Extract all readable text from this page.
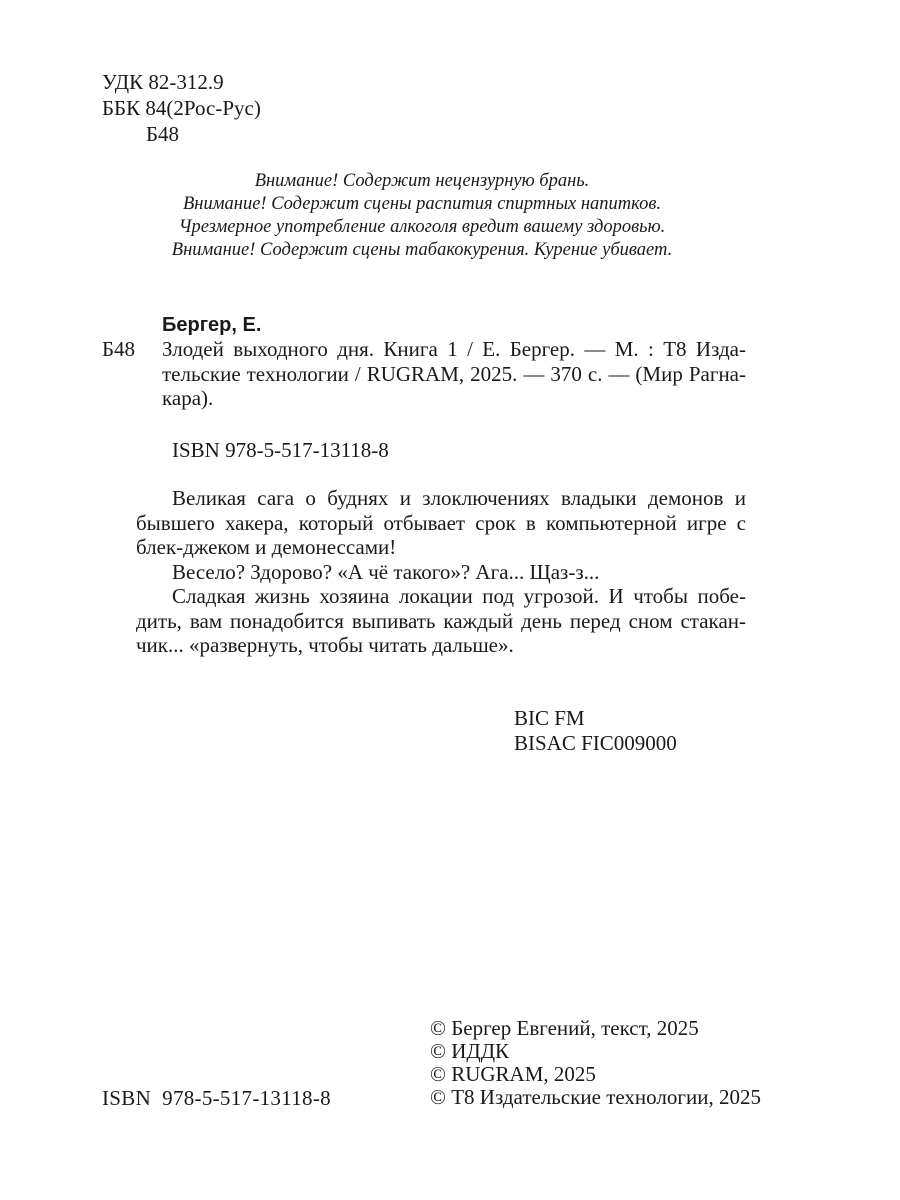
УДК 82-312.9
ББК 84(2Рос-Рус)
Б48
Внимание! Содержит нецензурную брань.
Внимание! Содержит сцены распития спиртных напитков.
Чрезмерное употребление алкоголя вредит вашему здоровью.
Внимание! Содержит сцены табакокурения. Курение убивает.
Бергер, Е.
Б48 Злодей выходного дня. Книга 1 / Е. Бергер. — М. : Т8 Изда-
тельские технологии / RUGRAM, 2025. — 370 с. — (Мир Рагна-
кара).
ISBN 978-5-517-13118-8
Великая сага о буднях и злоключениях владыки демонов и
бывшего хакера, который отбывает срок в компьютерной игре с
блек-джеком и демонессами!
Весело? Здорово? «А чё такого»? Ага... Щаз-з...
Сладкая жизнь хозяина локации под угрозой. И чтобы побе-
дить, вам понадобится выпивать каждый день перед сном стакан-
чик... «развернуть, чтобы читать дальше».
BIC FM
BISAC FIC009000
© Бергер Евгений, текст, 2025
© ИДДК
© RUGRAM, 2025
© Т8 Издательские технологии, 2025
ISBN  978-5-517-13118-8
